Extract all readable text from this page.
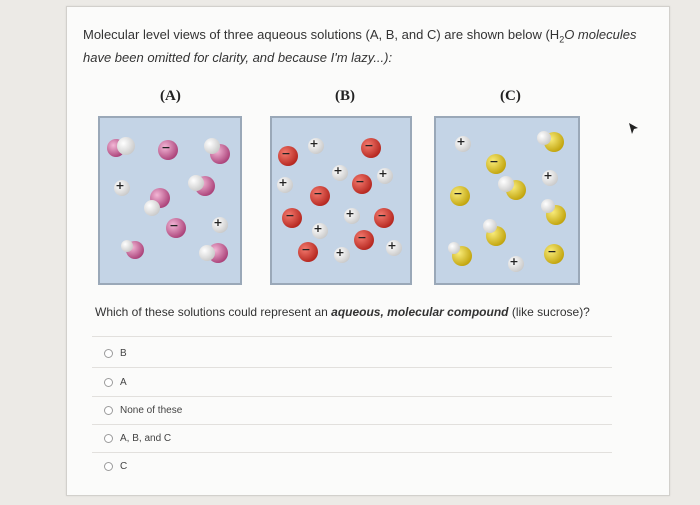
Molecular level views of three aqueous solutions (A, B, and C) are shown below ($H_2O$ molecules
have been omitted for clarity, and because I'm lazy...):
(A)	(B)	(C)
+
−
−	+
−
+	−
+
−
−
+
+
−
+
+ −
−
−
+
+
+
−
+
−
+
−
Which of these solutions could represent an aqueous, molecular compound (like sucrose)?
B
A
None of these
A, B, and C
C
